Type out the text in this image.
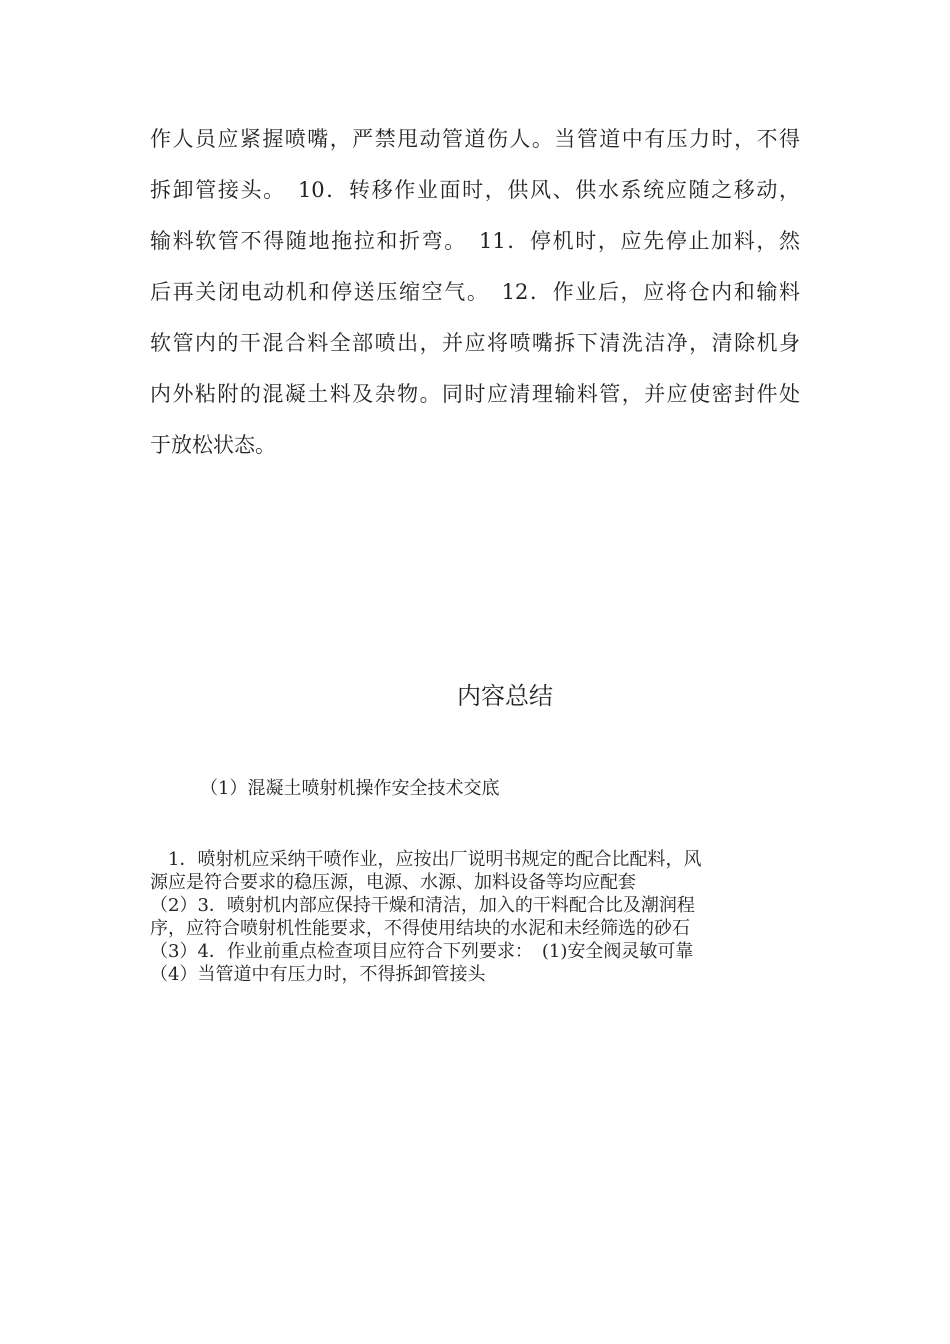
作人员应紧握喷嘴，严禁甩动管道伤人。当管道中有压力时，不得
拆卸管接头。　10．转移作业面时，供风、供水系统应随之移动，
输料软管不得随地拖拉和折弯。　11．停机时，应先停止加料，然
后再关闭电动机和停送压缩空气。　12．作业后，应将仓内和输料
软管内的干混合料全部喷出，并应将喷嘴拆下清洗洁净，清除机身
内外粘附的混凝土料及杂物。同时应清理输料管，并应使密封件处
于放松状态。
内容总结
（1）混凝土喷射机操作安全技术交底
　1．喷射机应采纳干喷作业，应按出厂说明书规定的配合比配料，风
源应是符合要求的稳压源，电源、水源、加料设备等均应配套
（2）3．喷射机内部应保持干燥和清洁，加入的干料配合比及潮润程
序，应符合喷射机性能要求，不得使用结块的水泥和未经筛选的砂石
（3）4．作业前重点检查项目应符合下列要求：　(1)安全阀灵敏可靠
（4）当管道中有压力时，不得拆卸管接头
